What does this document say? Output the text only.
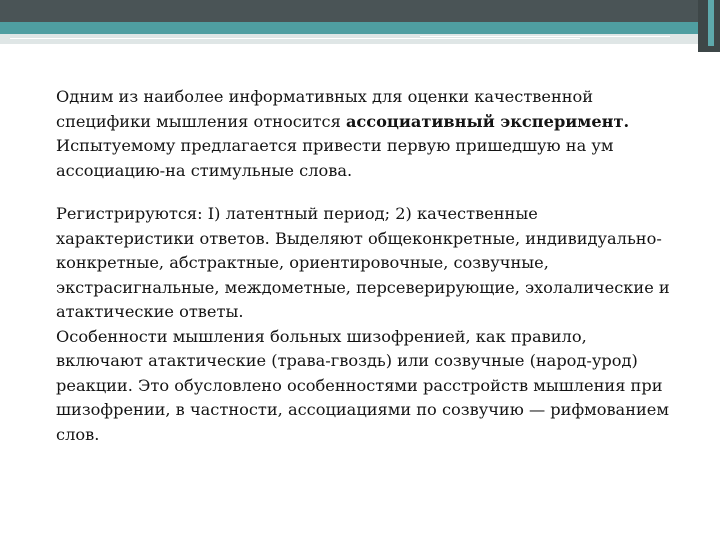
Одним из наиболее информативных для оценки качественной специфики мышления относится ассоциативный эксперимент. Испытуемому предлагается привести первую пришедшую на ум ассоциацию-на стимульные слова.

Регистрируются: I) латентный период; 2) качественные характеристики ответов. Выделяют общеконкретные, индивидуально-конкретные, абстрактные, ориентировочные, созвучные, экстрасигнальные, междометные, персеверирующие, эхолалические и атактические ответы.

Особенности мышления больных шизофренией, как правило, включают атактические (трава-гвоздь) или созвучные (народ-урод) реакции. Это обусловлено особенностями расстройств мышления при шизофрении, в частности, ассоциациями по созвучию — рифмованием слов.
